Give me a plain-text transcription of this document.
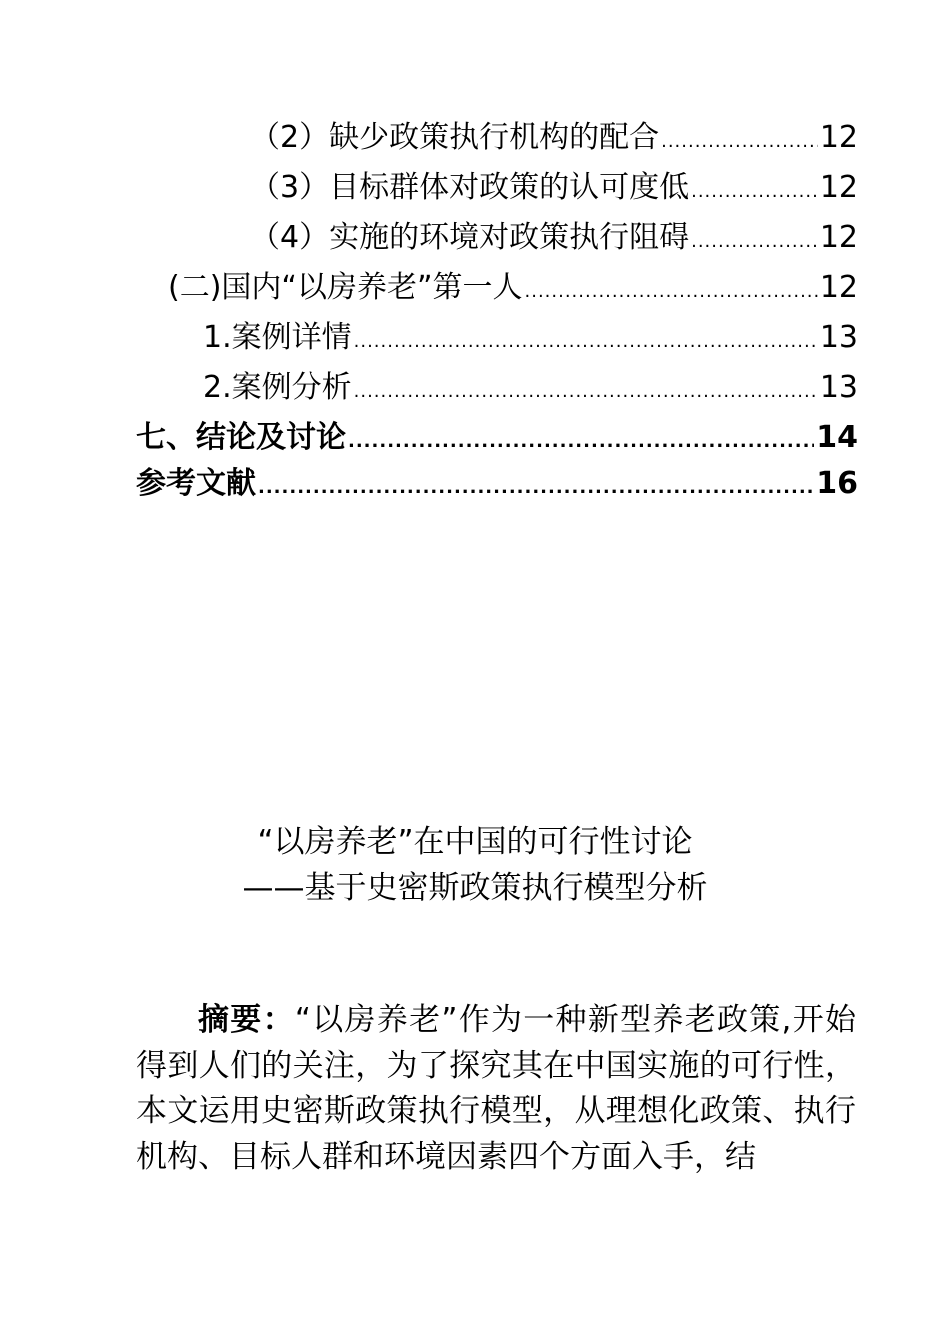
（2）缺少政策执行机构的配合 .....	12
（3）目标群体对政策的认可度低 .....	12
（4）实施的环境对政策执行阻碍 .....	12
(二)国内“以房养老”第一人 .....	12
1.案例详情 .....	13
2.案例分析 .....	13
七、结论及讨论 .....	14
参考文献 .....	16
“以房养老”在中国的可行性讨论
——基于史密斯政策执行模型分析
摘要：“以房养老”作为一种新型养老政策,开始得到人们的关注，为了探究其在中国实施的可行性，本文运用史密斯政策执行模型，从理想化政策、执行机构、目标人群和环境因素四个方面入手，结
